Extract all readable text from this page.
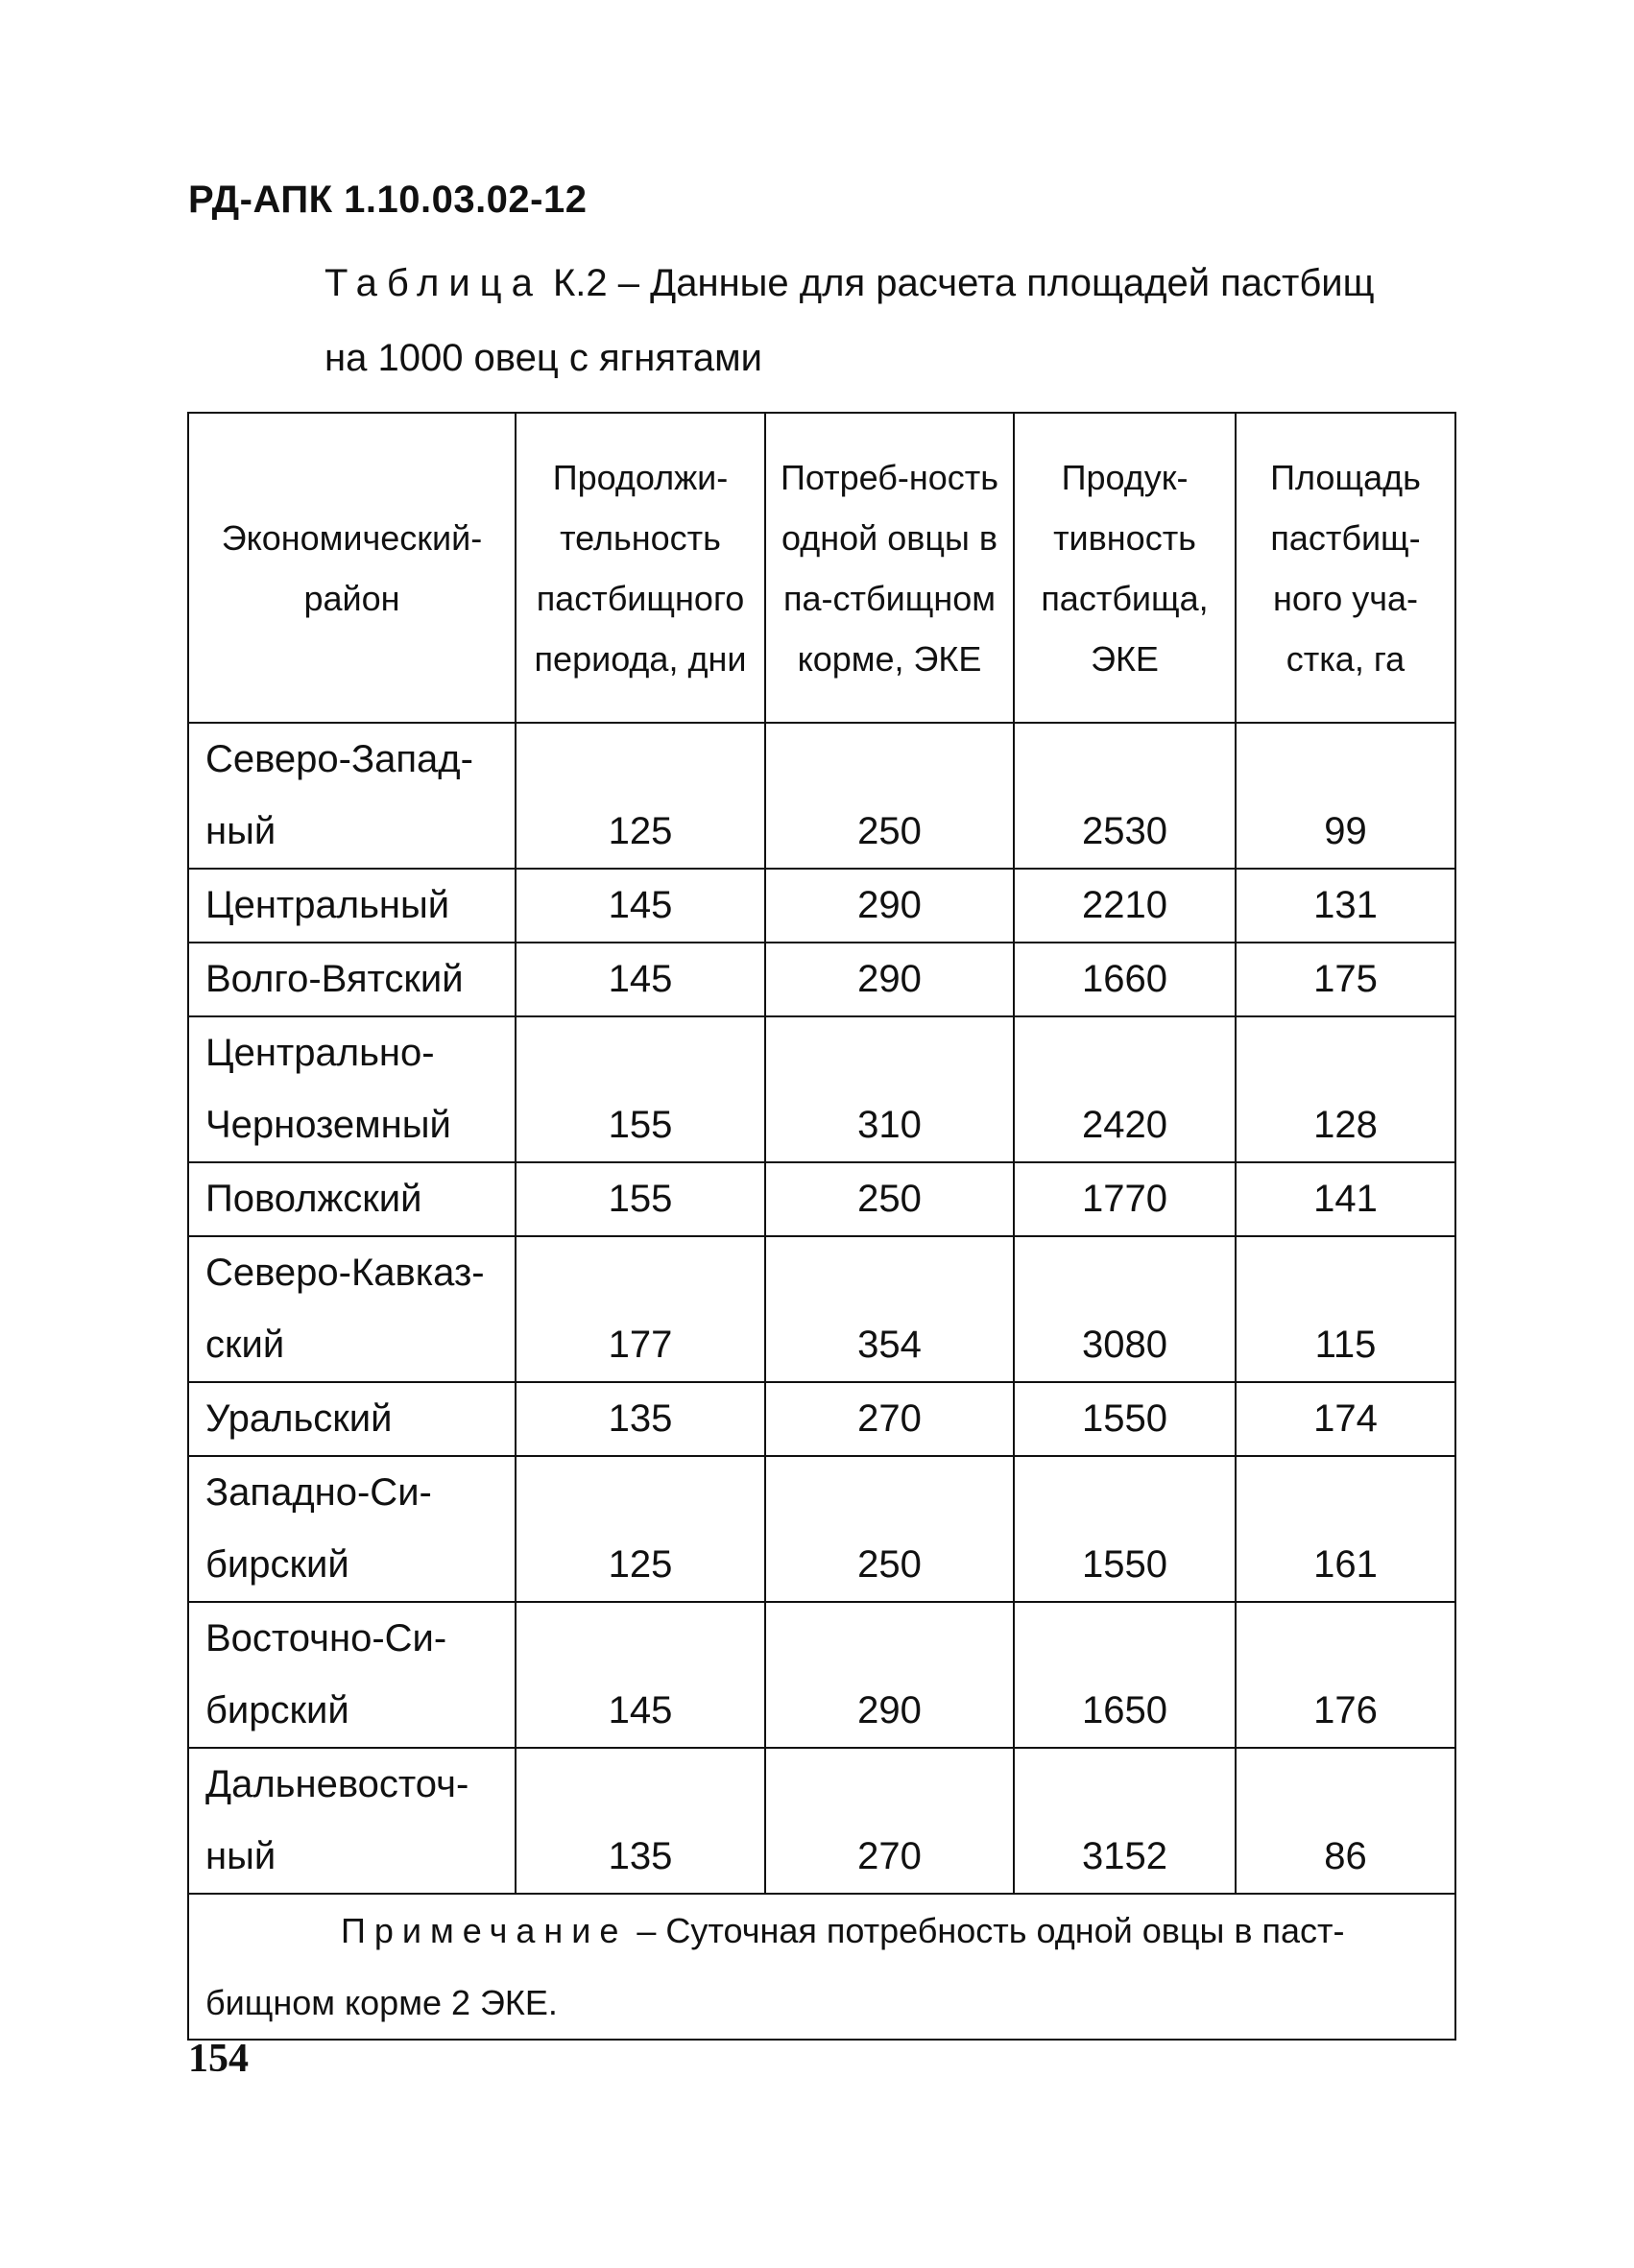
РД-АПК 1.10.03.02-12
Таблица К.2 – Данные для расчета площадей пастбищ
на 1000 овец с ягнятами
Экономический-район	Продолжи-тельность пастбищного периода, дни	Потреб-ность одной овцы в па-стбищном корме, ЭКЕ	Продук-тивность пастбища, ЭКЕ	Площадь пастбищ-ного уча-стка, га
Северо-Запад-ный	125	250	2530	99
Центральный	145	290	2210	131
Волго-Вятский	145	290	1660	175
Центрально-Черноземный	155	310	2420	128
Поволжский	155	250	1770	141
Северо-Кавказ-ский	177	354	3080	115
Уральский	135	270	1550	174
Западно-Си-бирский	125	250	1550	161
Восточно-Си-бирский	145	290	1650	176
Дальневосточ-ный	135	270	3152	86
Примечание – Суточная потребность одной овцы в паст-
бищном корме 2 ЭКЕ.				
154
